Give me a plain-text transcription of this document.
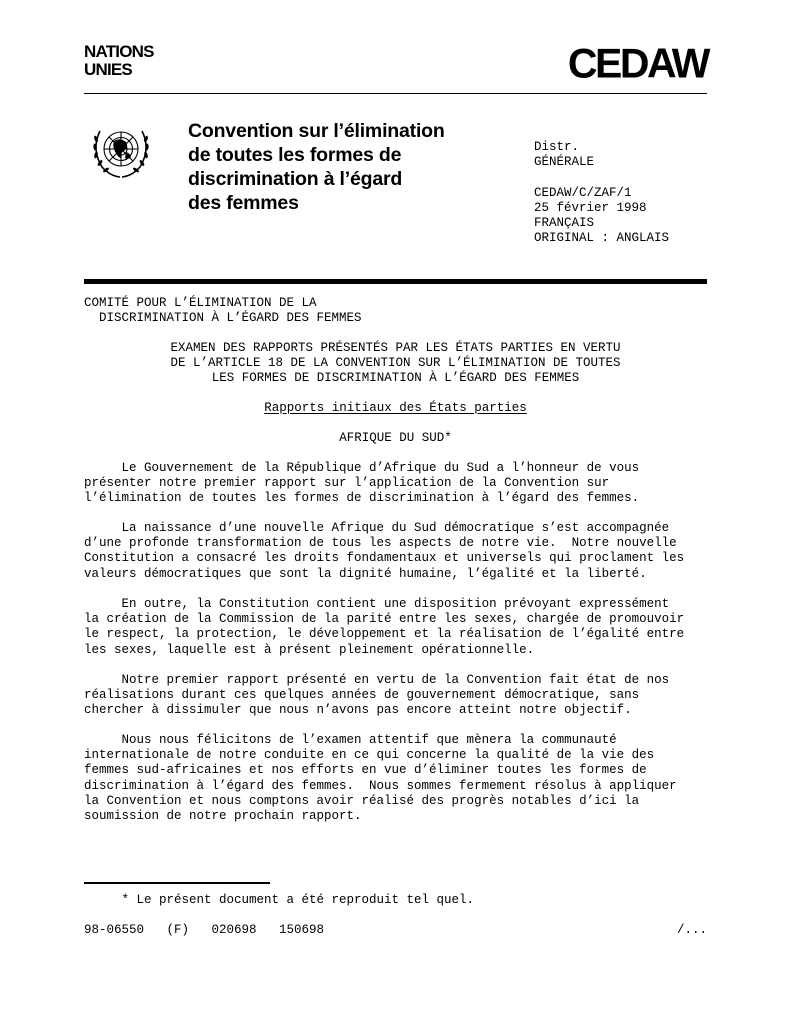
NATIONS
UNIES	CEDAW
Convention sur l’élimination
de toutes les formes de
discrimination à l’égard
des femmes
Distr.
GÉNÉRALE

CEDAW/C/ZAF/1
25 février 1998
FRANÇAIS
ORIGINAL : ANGLAIS
COMITÉ POUR L’ÉLIMINATION DE LA
DISCRIMINATION À L’ÉGARD DES FEMMES
EXAMEN DES RAPPORTS PRÉSENTÉS PAR LES ÉTATS PARTIES EN VERTU
DE L’ARTICLE 18 DE LA CONVENTION SUR L’ÉLIMINATION DE TOUTES
LES FORMES DE DISCRIMINATION À L’ÉGARD DES FEMMES
Rapports initiaux des États parties
AFRIQUE DU SUD*
Le Gouvernement de la République d’Afrique du Sud a l’honneur de vous
présenter notre premier rapport sur l’application de la Convention sur
l’élimination de toutes les formes de discrimination à l’égard des femmes.
La naissance d’une nouvelle Afrique du Sud démocratique s’est accompagnée
d’une profonde transformation de tous les aspects de notre vie.  Notre nouvelle
Constitution a consacré les droits fondamentaux et universels qui proclament les
valeurs démocratiques que sont la dignité humaine, l’égalité et la liberté.
En outre, la Constitution contient une disposition prévoyant expressément
la création de la Commission de la parité entre les sexes, chargée de promouvoir
le respect, la protection, le développement et la réalisation de l’égalité entre
les sexes, laquelle est à présent pleinement opérationnelle.
Notre premier rapport présenté en vertu de la Convention fait état de nos
réalisations durant ces quelques années de gouvernement démocratique, sans
chercher à dissimuler que nous n’avons pas encore atteint notre objectif.
Nous nous félicitons de l’examen attentif que mènera la communauté
internationale de notre conduite en ce qui concerne la qualité de la vie des
femmes sud-africaines et nos efforts en vue d’éliminer toutes les formes de
discrimination à l’égard des femmes.  Nous sommes fermement résolus à appliquer
la Convention et nous comptons avoir réalisé des progrès notables d’ici la
soumission de notre prochain rapport.
* Le présent document a été reproduit tel quel.
98-06550   (F)   020698   150698	/...
